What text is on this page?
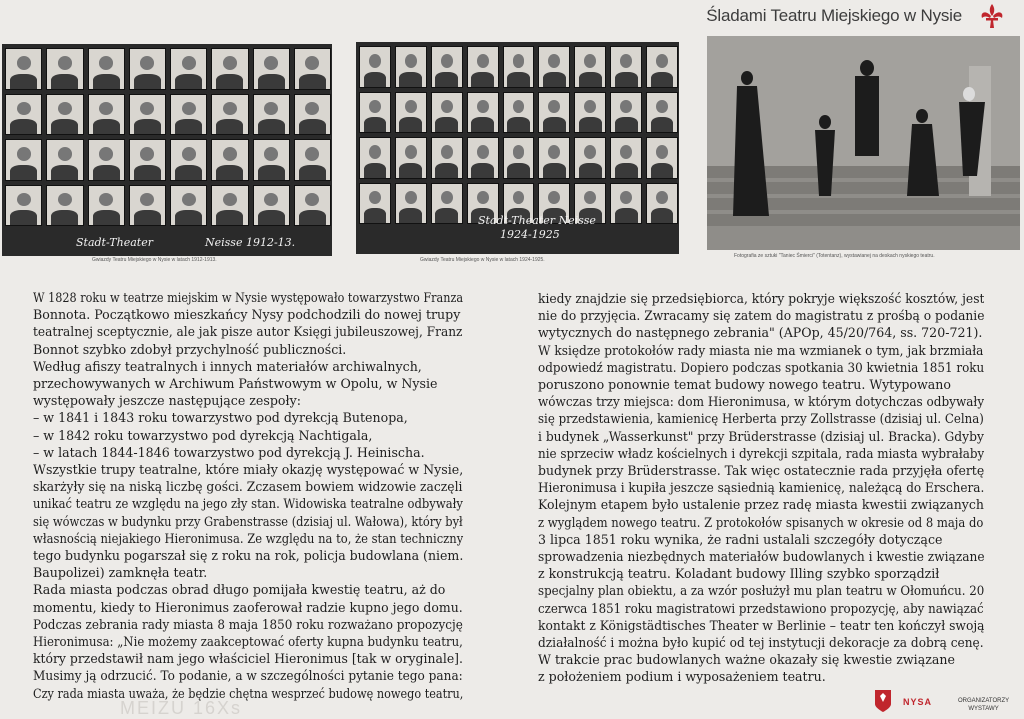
Śladami Teatru Miejskiego w Nysie
Stadt-Theater	Neisse 1912-13.
Gwiazdy Teatru Miejskiego w Nysie w latach 1912-1913.
Stadt-Theater Neisse
1924-1925
Gwiazdy Teatru Miejskiego w Nysie w latach 1924-1925.
Fotografia ze sztuki "Taniec Śmierci" (Totentanz), wystawianej na deskach nyskiego teatru.
W 1828 roku w teatrze miejskim w Nysie występowało towarzystwo Franza
Bonnota. Początkowo mieszkańcy Nysy podchodzili do nowej trupy
teatralnej sceptycznie, ale jak pisze autor Księgi jubileuszowej, Franz
Bonnot szybko zdobył przychylność publiczności.
Według afiszy teatralnych i innych materiałów archiwalnych,
przechowywanych w Archiwum Państwowym w Opolu, w Nysie
występowały jeszcze następujące zespoły:
– w 1841 i 1843 roku towarzystwo pod dyrekcją Butenopa,
– w 1842 roku towarzystwo pod dyrekcją Nachtigala,
– w latach 1844-1846 towarzystwo pod dyrekcją J. Heinischa.
Wszystkie trupy teatralne, które miały okazję występować w Nysie,
skarżyły się na niską liczbę gości. Zczasem bowiem widzowie zaczęli
unikać teatru ze względu na jego zły stan. Widowiska teatralne odbywały
się wówczas w budynku przy Grabenstrasse (dzisiaj ul. Wałowa), który był
własnością niejakiego Hieronimusa. Ze względu na to, że stan techniczny
tego budynku pogarszał się z roku na rok, policja budowlana (niem.
Baupolizei) zamknęła teatr.
Rada miasta podczas obrad długo pomijała kwestię teatru, aż do
momentu, kiedy to Hieronimus zaoferował radzie kupno jego domu.
Podczas zebrania rady miasta 8 maja 1850 roku rozważano propozycję
Hieronimusa: „Nie możemy zaakceptować oferty kupna budynku teatru,
który przedstawił nam jego właściciel Hieronimus [tak w oryginale].
Musimy ją odrzucić. To podanie, a w szczególności pytanie tego pana:
Czy rada miasta uważa, że będzie chętna wesprzeć budowę nowego teatru,
kiedy znajdzie się przedsiębiorca, który pokryje większość kosztów, jest
nie do przyjęcia. Zwracamy się zatem do magistratu z prośbą o podanie
wytycznych do następnego zebrania" (APOp, 45/20/764, ss. 720-721).
W księdze protokołów rady miasta nie ma wzmianek o tym, jak brzmiała
odpowiedź magistratu. Dopiero podczas spotkania 30 kwietnia 1851 roku
poruszono ponownie temat budowy nowego teatru. Wytypowano
wówczas trzy miejsca: dom Hieronimusa, w którym dotychczas odbywały
się przedstawienia, kamienicę Herberta przy Zollstrasse (dzisiaj ul. Celna)
i budynek „Wasserkunst" przy Brüderstrasse (dzisiaj ul. Bracka). Gdyby
nie sprzeciw władz kościelnych i dyrekcji szpitala, rada miasta wybrałaby
budynek przy Brüderstrasse. Tak więc ostatecznie rada przyjęła ofertę
Hieronimusa i kupiła jeszcze sąsiednią kamienicę, należącą do Erschera.
Kolejnym etapem było ustalenie przez radę miasta kwestii związanych
z wyglądem nowego teatru. Z protokołów spisanych w okresie od 8 maja do
3 lipca 1851 roku wynika, że radni ustalali szczegóły dotyczące
sprowadzenia niezbędnych materiałów budowlanych i kwestie związane
z konstrukcją teatru. Koladant budowy Illing szybko sporządził
specjalny plan obiektu, a za wzór posłużył mu plan teatru w Ołomuńcu. 20
czerwca 1851 roku magistratowi przedstawiono propozycję, aby nawiązać
kontakt z Königstädtisches Theater w Berlinie – teatr ten kończył swoją
działalność i można było kupić od tej instytucji dekoracje za dobrą cenę.
W trakcie prac budowlanych ważne okazały się kwestie związane
z położeniem podium i wyposażeniem teatru.
MEIZU 16Xs	NYSA	ORGANIZATORZY
WYSTAWY
